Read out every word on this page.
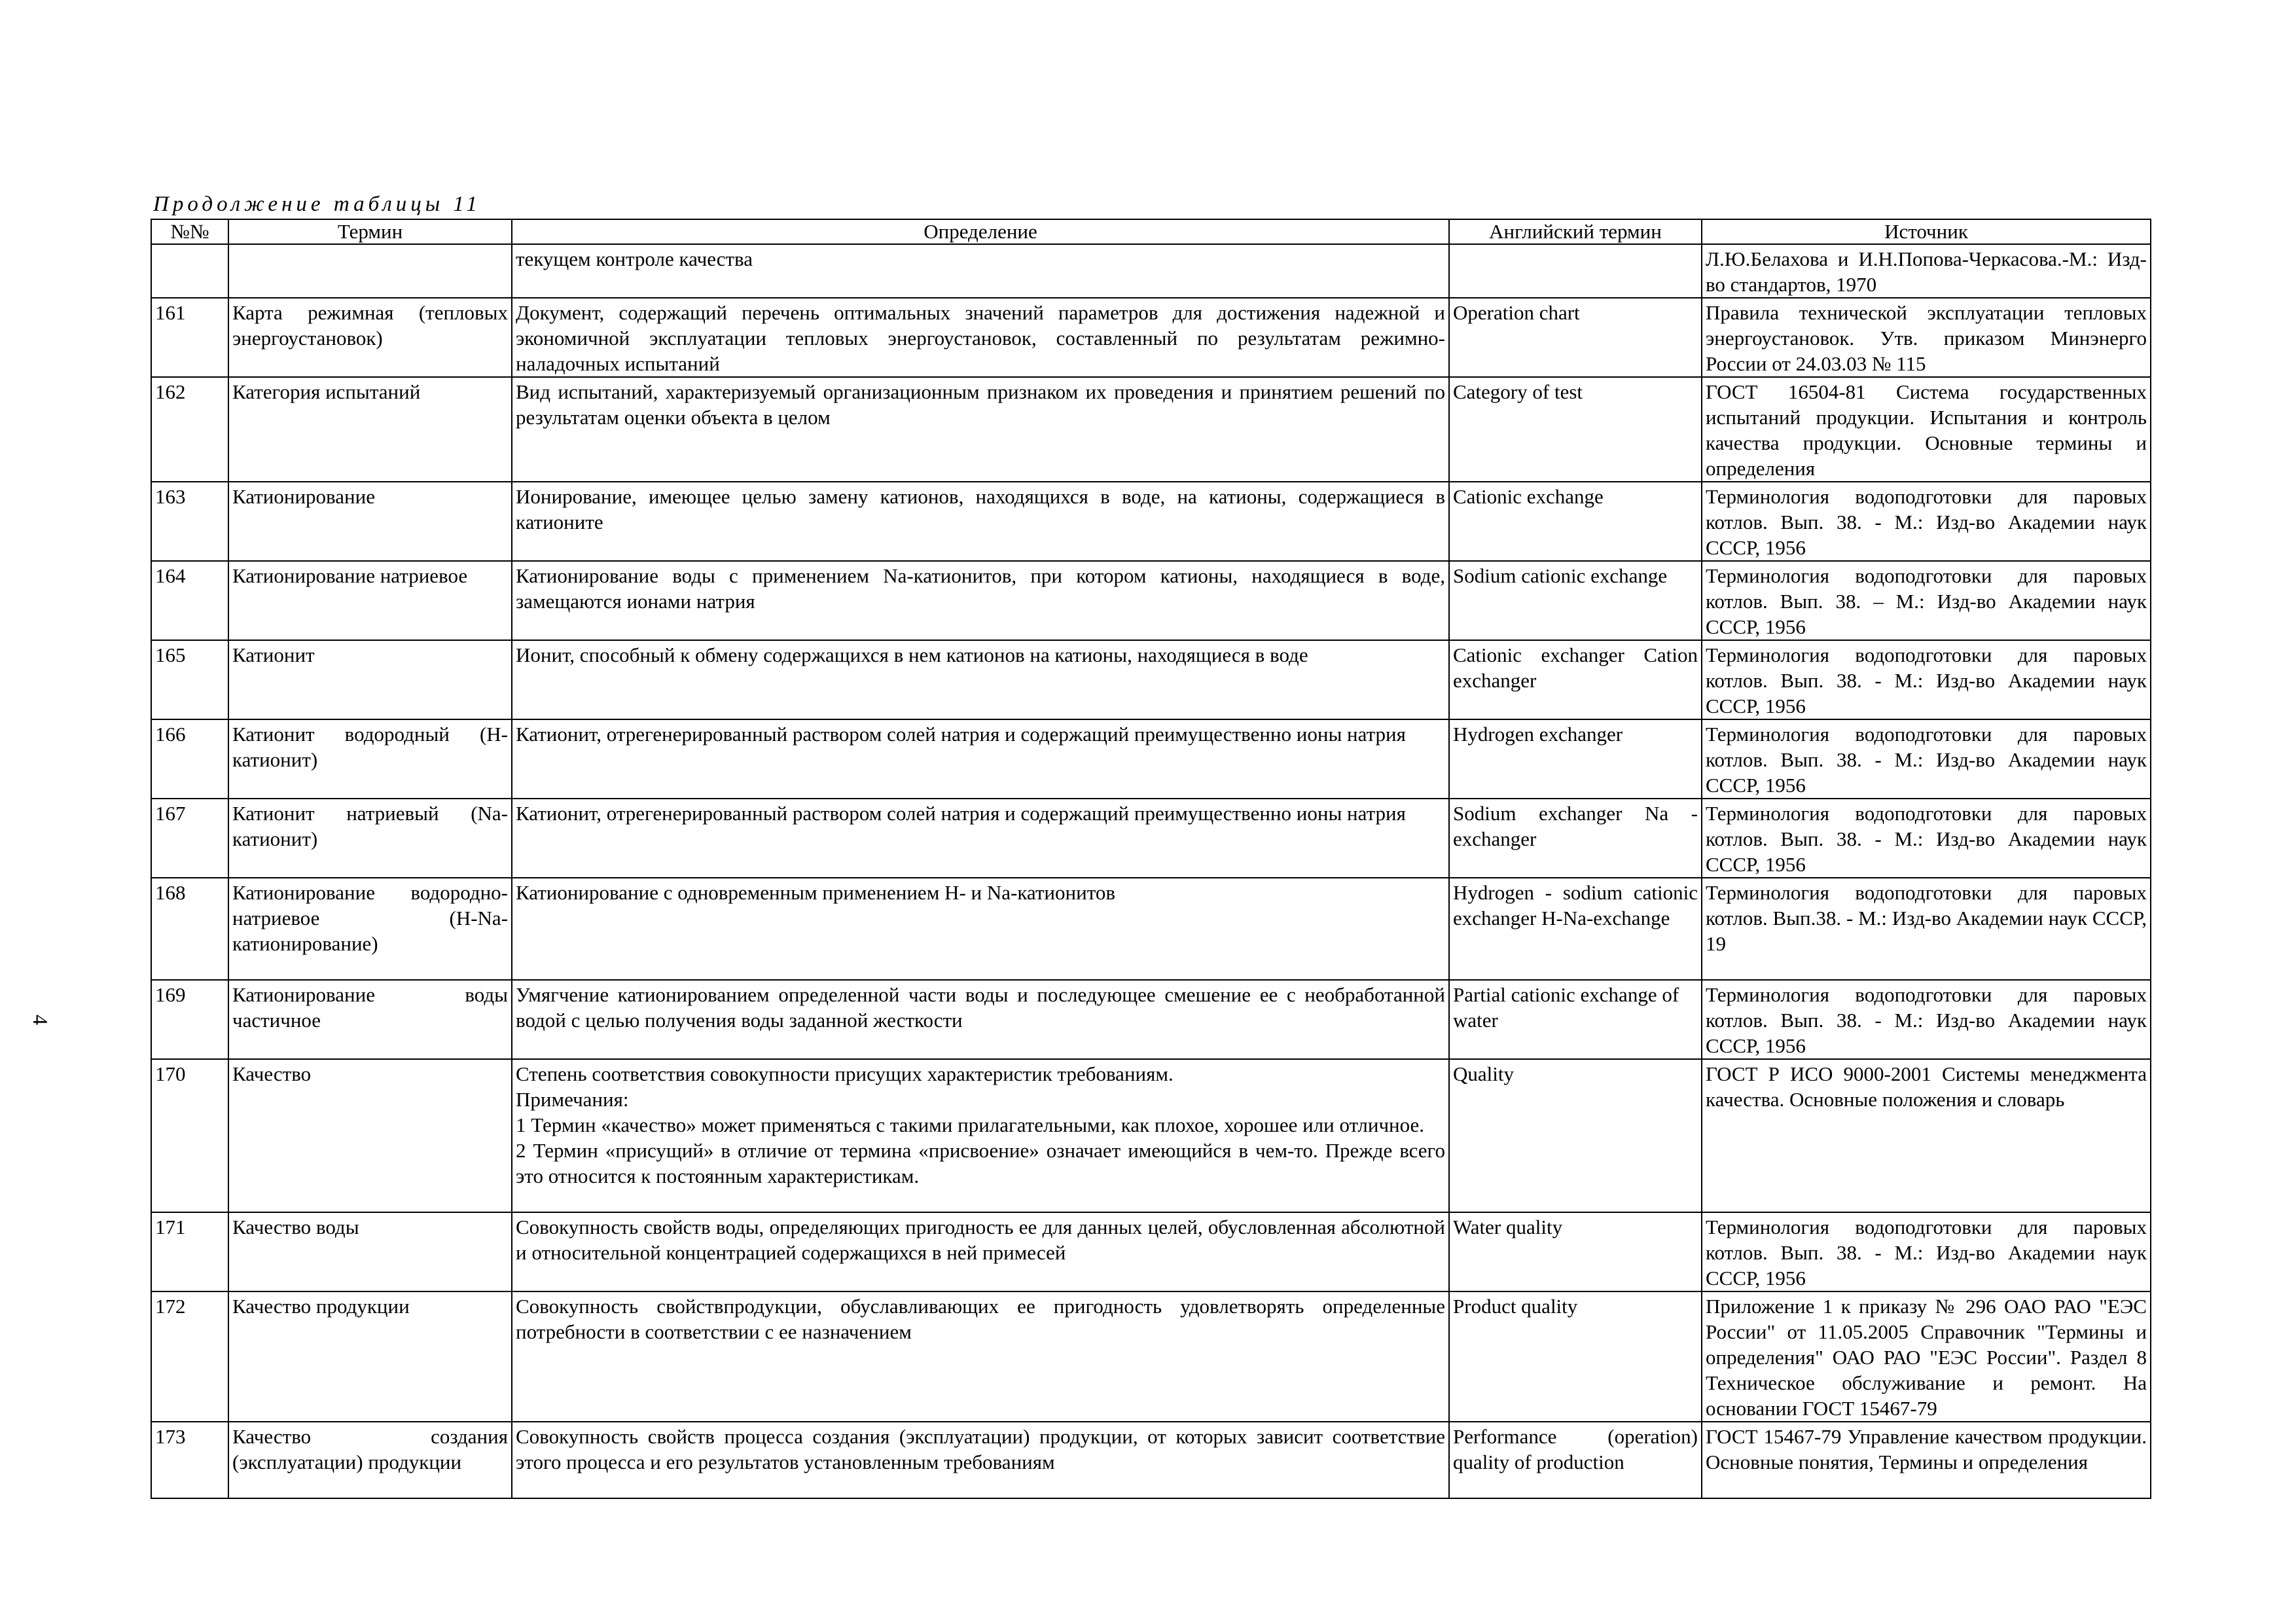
Продолжение таблицы 11
4
№№	Термин	Определение	Английский термин	Источник
		текущем контроле качества		Л.Ю.Белахова и И.Н.Попова-Черкасова.-М.: Изд-во стандартов, 1970
161	Карта режимная (тепловых энергоустановок)	Документ, содержащий перечень оптимальных значений параметров для достижения надежной и экономичной эксплуатации тепловых энергоустановок, составленный по результатам режимно-наладочных испытаний	Operation chart	Правила технической эксплуатации тепловых энергоустановок. Утв. приказом Минэнерго России от 24.03.03 № 115
162	Категория испытаний	Вид испытаний, характеризуемый организационным признаком их проведения и принятием решений по результатам оценки объекта в целом	Category of test	ГОСТ 16504-81 Система государственных испытаний продукции. Испытания и контроль качества продукции. Основные термины и определения
163	Катионирование	Ионирование, имеющее целью замену катионов, находящихся в воде, на катионы, содержащиеся в катионите	Cationic exchange	Терминология водоподготовки для паровых котлов. Вып. 38. - М.: Изд-во Академии наук СССР, 1956
164	Катионирование натриевое	Катионирование воды с применением Na-катионитов, при котором катионы, находящиеся в воде, замещаются ионами натрия	Sodium cationic exchange	Терминология водоподготовки для паровых котлов. Вып. 38. – М.: Изд-во Академии наук СССР, 1956
165	Катионит	Ионит, способный к обмену содержащихся в нем катионов на катионы, находящиеся в воде	Cationic exchanger Cation exchanger	Терминология водоподготовки для паровых котлов. Вып. 38. - М.: Изд-во Академии наук СССР, 1956
166	Катионит водородный (Н-катионит)	Катионит, отрегенерированный раствором солей натрия и содержащий преимущественно ионы натрия	Hydrogen exchanger	Терминология водоподготовки для паровых котлов. Вып. 38. - М.: Изд-во Академии наук СССР, 1956
167	Катионит натриевый (Na-катионит)	Катионит, отрегенерированный раствором солей натрия и содержащий преимущественно ионы натрия	Sodium exchanger Na - exchanger	Терминология водоподготовки для паровых котлов. Вып. 38. - М.: Изд-во Академии наук СССР, 1956
168	Катионирование водородно-натриевое (H-Na- катионирование)	Катионирование с одновременным применением Н- и Na-катионитов	Hydrogen - sodium cationic exchanger H-Na-exchange	Терминология водоподготовки для паровых котлов. Вып.38. - М.: Изд-во Академии наук СССР, 19
169	Катионирование воды частичное	Умягчение катионированием определенной части воды и последующее смешение ее с необработанной водой с целью получения воды заданной жесткости	Partial cationic exchange of water	Терминология водоподготовки для паровых котлов. Вып. 38. - М.: Изд-во Академии наук СССР, 1956
170	Качество	Степень соответствия совокупности присущих характеристик требованиям.
Примечания:
1 Термин «качество» может применяться с такими прилагательными, как плохое, хорошее или отличное.
2 Термин «присущий» в отличие от термина «присвоение» означает имеющийся в чем-то. Прежде всего это относится к постоянным характеристикам.	Quality	ГОСТ Р ИСО 9000-2001 Системы менеджмента качества. Основные положения и словарь
171	Качество воды	Совокупность свойств воды, определяющих пригодность ее для данных целей, обусловленная абсолютной и относительной концентрацией содержащихся в ней примесей	Water quality	Терминология водоподготовки для паровых котлов. Вып. 38. - М.: Изд-во Академии наук СССР, 1956
172	Качество продукции	Совокупность свойствпродукции, обуславливающих ее пригодность удовлетворять определенные потребности в соответствии с ее назначением	Product quality	Приложение 1 к приказу № 296 ОАО РАО "ЕЭС России" от 11.05.2005 Справочник "Термины и определения" ОАО РАО "ЕЭС России". Раздел 8 Техническое обслуживание и ремонт. На основании ГОСТ 15467-79
173	Качество создания (эксплуатации) продукции	Совокупность свойств процесса создания (эксплуатации) продукции, от которых зависит соответствие этого процесса и его результатов установленным требованиям	Performance (operation) quality of production	ГОСТ 15467-79 Управление качеством продукции. Основные понятия, Термины и определения
